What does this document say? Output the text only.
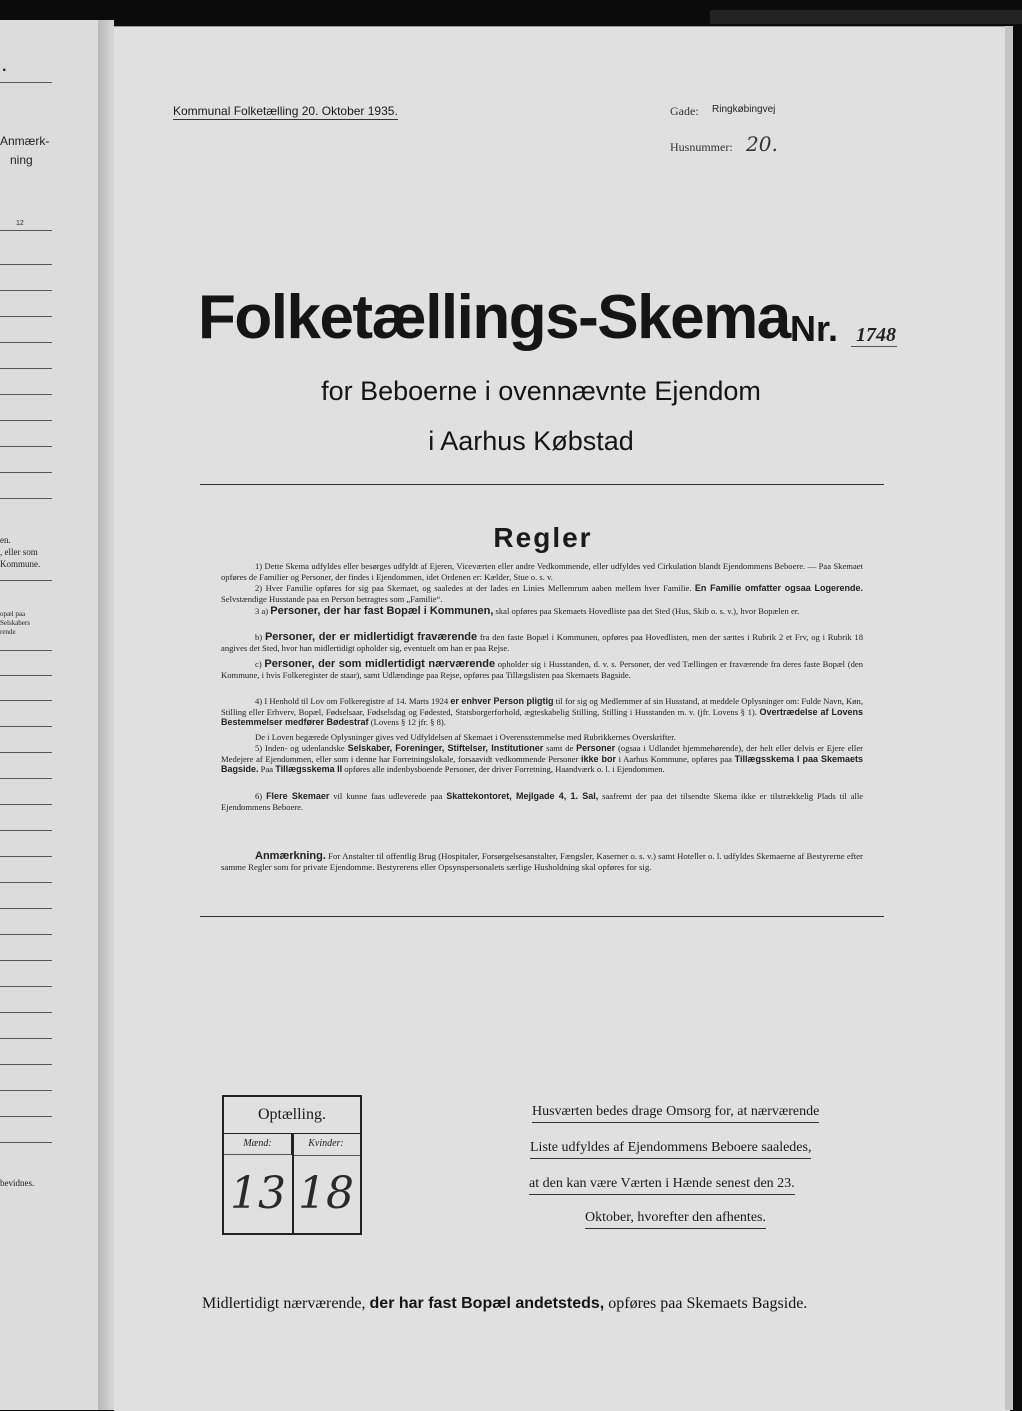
.
Anmærk-
ning
12
en.
, eller som
Kommune.
opæl paa
Selskabers
rende
bevidnes.
Kommunal Folketælling 20. Oktober 1935.	Gade: Ringkøbingvej
Husnummer: 20.
Folketællings-Skema Nr. 1748
for Beboerne i ovennævnte Ejendom
i Aarhus Købstad
Regler

1) Dette Skema udfyldes eller besørges udfyldt af Ejeren, Viceværten eller andre Vedkommende, eller udfyldes ved Cirkulation blandt Ejendommens Beboere. — Paa Skemaet opføres de Familier og Personer, der findes i Ejendommen, idet Ordenen er: Kælder, Stue o. s. v.

2) Hver Familie opføres for sig paa Skemaet, og saaledes at der lades en Linies Mellemrum aaben mellem hver Familie. En Familie omfatter ogsaa Logerende. Selvstændige Husstande paa en Person betragtes som „Familie“.

3 a) Personer, der har fast Bopæl i Kommunen, skal opføres paa Skemaets Hovedliste paa det Sted (Hus, Skib o. s. v.), hvor Bopælen er.

b) Personer, der er midlertidigt fraværende fra den faste Bopæl i Kommunen, opføres paa Hovedlisten, men der sættes i Rubrik 2 et Frv, og i Rubrik 18 angives det Sted, hvor han midlertidigt opholder sig, eventuelt om han er paa Rejse.

c) Personer, der som midlertidigt nærværende opholder sig i Husstanden, d. v. s. Personer, der ved Tællingen er fraværende fra deres faste Bopæl (den Kommune, i hvis Folkeregister de staar), samt Udlændinge paa Rejse, opføres paa Tillægslisten paa Skemaets Bagside.

4) I Henhold til Lov om Folkeregistre af 14. Marts 1924 er enhver Person pligtig til for sig og Medlemmer af sin Husstand, at meddele Oplysninger om: Fulde Navn, Køn, Stilling eller Erhverv, Bopæl, Fødselsaar, Fødselsdag og Fødested, Statsborgerforhold, ægteskabelig Stilling, Stilling i Husstanden m. v. (jfr. Lovens § 1). Overtrædelse af Lovens Bestemmelser medfører Bødestraf (Lovens § 12 jfr. § 8).

De i Loven begærede Oplysninger gives ved Udfyldelsen af Skemaet i Overensstemmelse med Rubrikkernes Overskrifter.

5) Inden- og udenlandske Selskaber, Foreninger, Stiftelser, Institutioner samt de Personer (ogsaa i Udlandet hjemmehørende), der helt eller delvis er Ejere eller Medejere af Ejendommen, eller som i denne har Forretningslokale, forsaavidt vedkommende Personer ikke bor i Aarhus Kommune, opføres paa Tillægsskema I paa Skemaets Bagside. Paa Tillægsskema II opføres alle indenbysboende Personer, der driver Forretning, Haandværk o. l. i Ejendommen.

6) Flere Skemaer vil kunne faas udleverede paa Skattekontoret, Mejlgade 4, 1. Sal, saafremt der paa det tilsendte Skema ikke er tilstrækkelig Plads til alle Ejendommens Beboere.

Anmærkning. For Anstalter til offentlig Brug (Hospitaler, Forsørgelsesanstalter, Fængsler, Kaserner o. s. v.) samt Hoteller o. l. udfyldes Skemaerne af Bestyrerne efter samme Regler som for private Ejendomme. Bestyrerens eller Opsynspersonalets særlige Husholdning skal opføres for sig.

Optælling.
Mænd:	Kvinder:
13 18
Husværten bedes drage Omsorg for, at nærværende
Liste udfyldes af Ejendommens Beboere saaledes,
at den kan være Værten i Hænde senest den 23.
Oktober, hvorefter den afhentes.
Midlertidigt nærværende, der har fast Bopæl andetsteds, opføres paa Skemaets Bagside.
